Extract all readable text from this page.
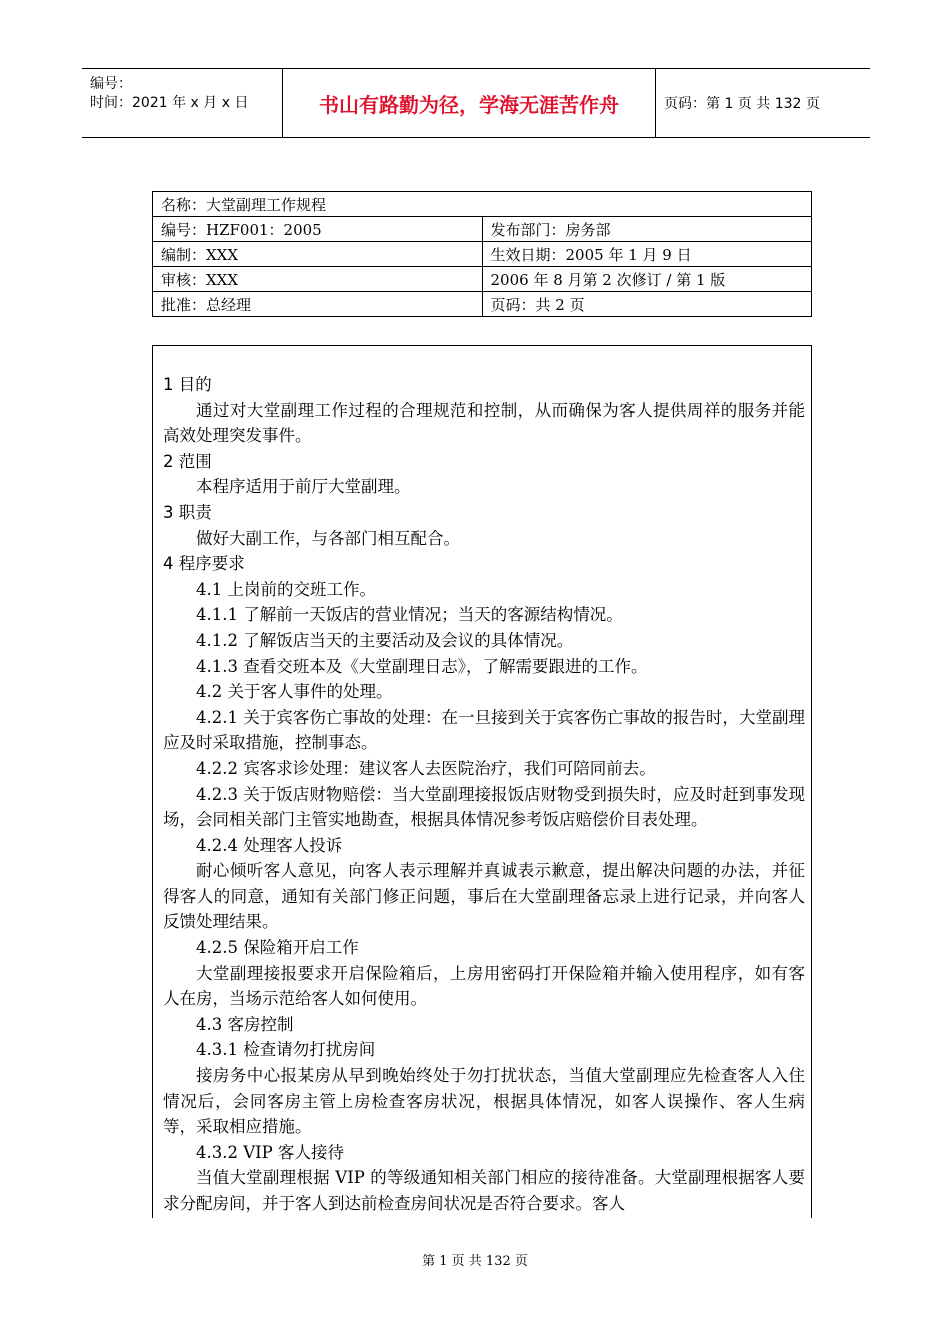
编号：
时间：2021 年 x 月 x 日	书山有路勤为径，学海无涯苦作舟	页码：第 1 页 共 132 页
名称：大堂副理工作规程	
编号：HZF001：2005	发布部门：房务部
编制：XXX	生效日期：2005 年 1 月 9 日
审核：XXX	2006 年 8 月第 2 次修订 / 第 1 版
批准：总经理	页码：共 2 页

1 目的

通过对大堂副理工作过程的合理规范和控制，从而确保为客人提供周祥的服务并能高效处理突发事件。

2 范围

本程序适用于前厅大堂副理。

3 职责

做好大副工作，与各部门相互配合。

4 程序要求

4.1 上岗前的交班工作。

4.1.1 了解前一天饭店的营业情况；当天的客源结构情况。

4.1.2 了解饭店当天的主要活动及会议的具体情况。

4.1.3 查看交班本及《大堂副理日志》，了解需要跟进的工作。

4.2 关于客人事件的处理。

4.2.1 关于宾客伤亡事故的处理：在一旦接到关于宾客伤亡事故的报告时，大堂副理应及时采取措施，控制事态。

4.2.2 宾客求诊处理：建议客人去医院治疗，我们可陪同前去。

4.2.3 关于饭店财物赔偿：当大堂副理接报饭店财物受到损失时，应及时赶到事发现场，会同相关部门主管实地勘查，根据具体情况参考饭店赔偿价目表处理。

4.2.4 处理客人投诉

耐心倾听客人意见，向客人表示理解并真诚表示歉意，提出解决问题的办法，并征得客人的同意，通知有关部门修正问题，事后在大堂副理备忘录上进行记录，并向客人反馈处理结果。

4.2.5 保险箱开启工作

大堂副理接报要求开启保险箱后，上房用密码打开保险箱并输入使用程序，如有客人在房，当场示范给客人如何使用。

4.3 客房控制

4.3.1 检查请勿打扰房间

接房务中心报某房从早到晚始终处于勿打扰状态，当值大堂副理应先检查客人入住情况后，会同客房主管上房检查客房状况，根据具体情况，如客人误操作、客人生病等，采取相应措施。

4.3.2 VIP 客人接待

当值大堂副理根据 VIP 的等级通知相关部门相应的接待准备。大堂副理根据客人要求分配房间，并于客人到达前检查房间状况是否符合要求。客人

第 1 页 共 132 页
